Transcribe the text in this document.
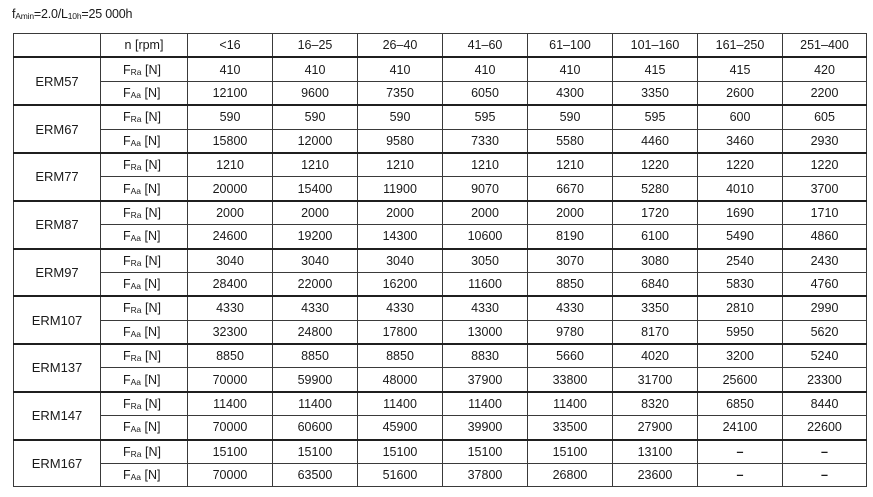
$f_{Amin}=2.0/L_{10h}=25$ 000h
	n [rpm]	<16	16–25	26–40	41–60	61–100	101–160	161–250	251–400
ERM57	$F_{Ra}$ [N]	410	410	410	410	410	415	415	420
	$F_{Aa}$ [N]	12100	9600	7350	6050	4300	3350	2600	2200
ERM67	$F_{Ra}$ [N]	590	590	590	595	590	595	600	605
	$F_{Aa}$ [N]	15800	12000	9580	7330	5580	4460	3460	2930
ERM77	$F_{Ra}$ [N]	1210	1210	1210	1210	1210	1220	1220	1220
	$F_{Aa}$ [N]	20000	15400	11900	9070	6670	5280	4010	3700
ERM87	$F_{Ra}$ [N]	2000	2000	2000	2000	2000	1720	1690	1710
	$F_{Aa}$ [N]	24600	19200	14300	10600	8190	6100	5490	4860
ERM97	$F_{Ra}$ [N]	3040	3040	3040	3050	3070	3080	2540	2430
	$F_{Aa}$ [N]	28400	22000	16200	11600	8850	6840	5830	4760
ERM107	$F_{Ra}$ [N]	4330	4330	4330	4330	4330	3350	2810	2990
	$F_{Aa}$ [N]	32300	24800	17800	13000	9780	8170	5950	5620
ERM137	$F_{Ra}$ [N]	8850	8850	8850	8830	5660	4020	3200	5240
	$F_{Aa}$ [N]	70000	59900	48000	37900	33800	31700	25600	23300
ERM147	$F_{Ra}$ [N]	11400	11400	11400	11400	11400	8320	6850	8440
	$F_{Aa}$ [N]	70000	60600	45900	39900	33500	27900	24100	22600
ERM167	$F_{Ra}$ [N]	15100	15100	15100	15100	15100	13100	–	–
	$F_{Aa}$ [N]	70000	63500	51600	37800	26800	23600	–	–
